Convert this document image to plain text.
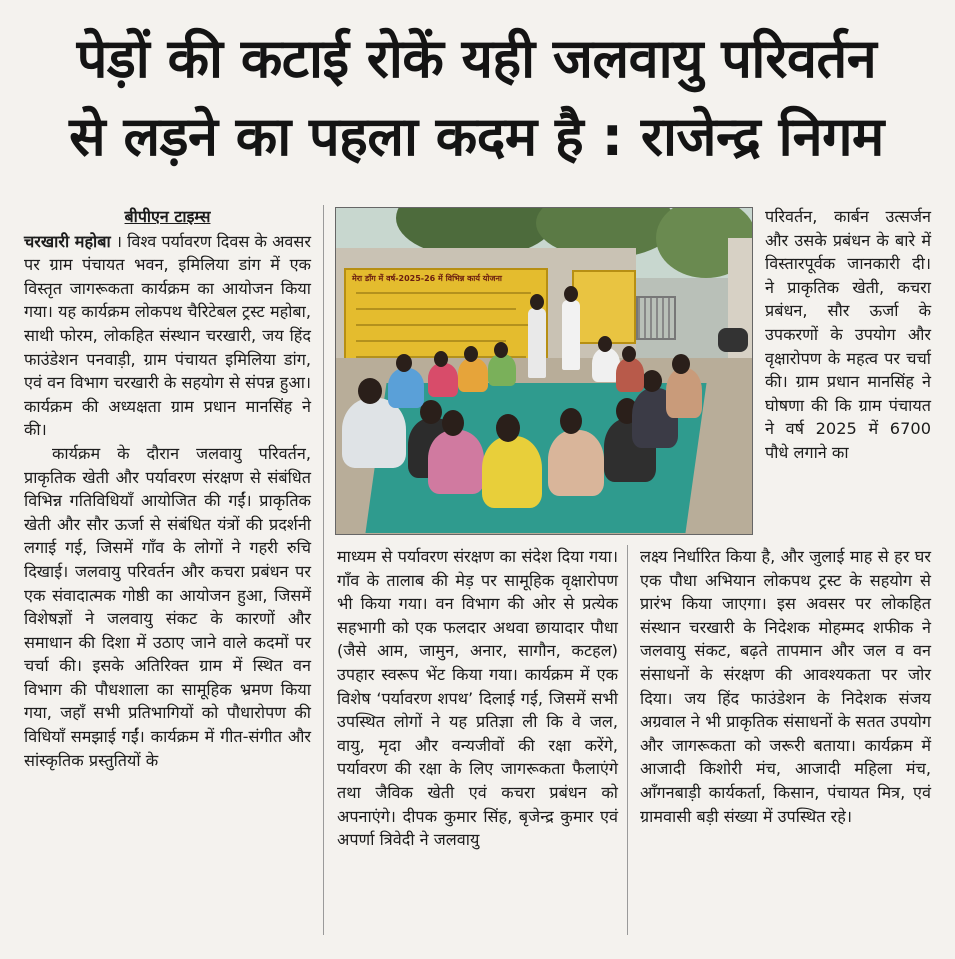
पेड़ों की कटाई रोकें यही जलवायु परिवर्तन
से लड़ने का पहला कदम है : राजेन्द्र निगम
बीपीएन टाइम्स

चरखारी महोबा । विश्व पर्यावरण दिवस के अवसर पर ग्राम पंचायत भवन, इमिलिया डांग में एक विस्तृत जागरूकता कार्यक्रम का आयोजन किया गया। यह कार्यक्रम लोकपथ चैरिटेबल ट्रस्ट महोबा, साथी फोरम, लोकहित संस्थान चरखारी, जय हिंद फाउंडेशन पनवाड़ी, ग्राम पंचायत इमिलिया डांग, एवं वन विभाग चरखारी के सहयोग से संपन्न हुआ। कार्यक्रम की अध्यक्षता ग्राम प्रधान मानसिंह ने की।

कार्यक्रम के दौरान जलवायु परिवर्तन, प्राकृतिक खेती और पर्यावरण संरक्षण से संबंधित विभिन्न गतिविधियाँ आयोजित की गईं। प्राकृतिक खेती और सौर ऊर्जा से संबंधित यंत्रों की प्रदर्शनी लगाई गई, जिसमें गाँव के लोगों ने गहरी रुचि दिखाई। जलवायु परिवर्तन और कचरा प्रबंधन पर एक संवादात्मक गोष्ठी का आयोजन हुआ, जिसमें विशेषज्ञों ने जलवायु संकट के कारणों और समाधान की दिशा में उठाए जाने वाले कदमों पर चर्चा की। इसके अतिरिक्त ग्राम में स्थित वन विभाग की पौधशाला का सामूहिक भ्रमण किया गया, जहाँ सभी प्रतिभागियों को पौधारोपण की विधियाँ समझाई गईं। कार्यक्रम में गीत-संगीत और सांस्कृतिक प्रस्तुतियों के

मेरा डाँग में वर्ष-2025-26 में विभिन्न कार्य योजना

परिवर्तन, कार्बन उत्सर्जन और उसके प्रबंधन के बारे में विस्तारपूर्वक जानकारी दी। ने प्राकृतिक खेती, कचरा प्रबंधन, सौर ऊर्जा के उपकरणों के उपयोग और वृक्षारोपण के महत्व पर चर्चा की। ग्राम प्रधान मानसिंह ने घोषणा की कि ग्राम पंचायत ने वर्ष 2025 में 6700 पौधे लगाने का

माध्यम से पर्यावरण संरक्षण का संदेश दिया गया। गाँव के तालाब की मेड़ पर सामूहिक वृक्षारोपण भी किया गया। वन विभाग की ओर से प्रत्येक सहभागी को एक फलदार अथवा छायादार पौधा (जैसे आम, जामुन, अनार, सागौन, कटहल) उपहार स्वरूप भेंट किया गया। कार्यक्रम में एक विशेष ‘पर्यावरण शपथ’ दिलाई गई, जिसमें सभी उपस्थित लोगों ने यह प्रतिज्ञा ली कि वे जल, वायु, मृदा और वन्यजीवों की रक्षा करेंगे, पर्यावरण की रक्षा के लिए जागरूकता फैलाएंगे तथा जैविक खेती एवं कचरा प्रबंधन को अपनाएंगे। दीपक कुमार सिंह, बृजेन्द्र कुमार एवं अपर्णा त्रिवेदी ने जलवायु

लक्ष्य निर्धारित किया है, और जुलाई माह से हर घर एक पौधा अभियान लोकपथ ट्रस्ट के सहयोग से प्रारंभ किया जाएगा। इस अवसर पर लोकहित संस्थान चरखारी के निदेशक मोहम्मद शफीक ने जलवायु संकट, बढ़ते तापमान और जल व वन संसाधनों के संरक्षण की आवश्यकता पर जोर दिया। जय हिंद फाउंडेशन के निदेशक संजय अग्रवाल ने भी प्राकृतिक संसाधनों के सतत उपयोग और जागरूकता को जरूरी बताया। कार्यक्रम में आजादी किशोरी मंच, आजादी महिला मंच, आँगनबाड़ी कार्यकर्ता, किसान, पंचायत मित्र, एवं ग्रामवासी बड़ी संख्या में उपस्थित रहे।
